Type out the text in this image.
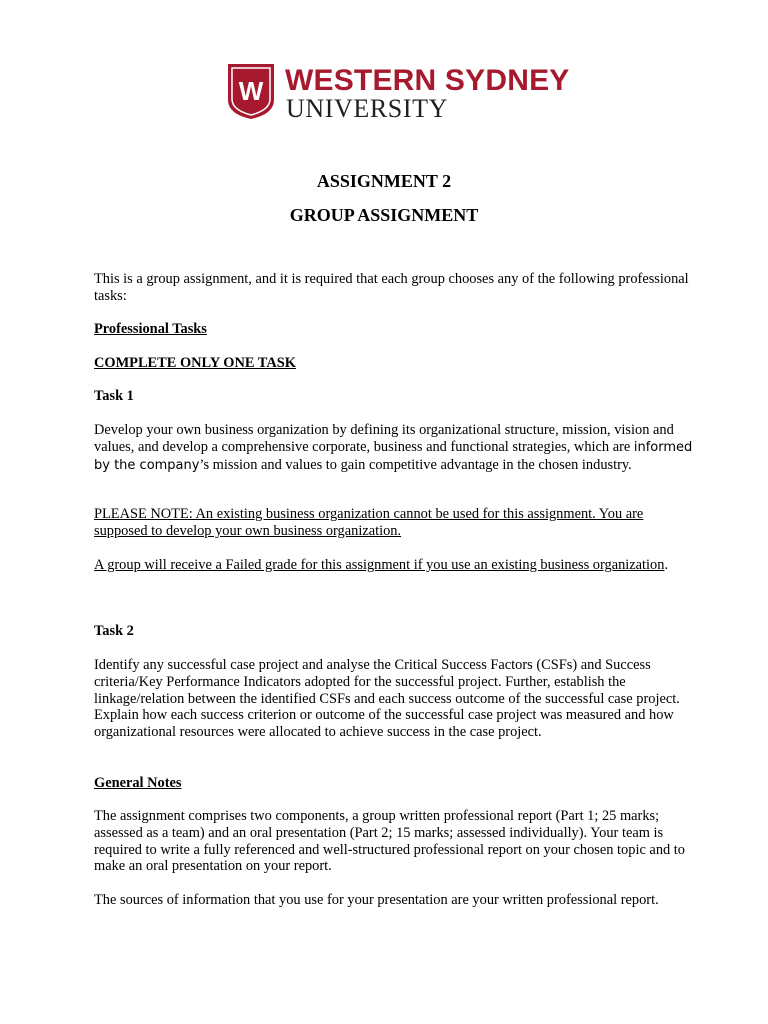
W WESTERN SYDNEY
UNIVERSITY
ASSIGNMENT 2
GROUP ASSIGNMENT

This is a group assignment, and it is required that each group chooses any of the following professional tasks:

Professional Tasks

COMPLETE ONLY ONE TASK

Task 1

Develop your own business organization by defining its organizational structure, mission, vision and values, and develop a comprehensive corporate, business and functional strategies, which are informed by the company’s mission and values to gain competitive advantage in the chosen industry.

PLEASE NOTE: An existing business organization cannot be used for this assignment. You are supposed to develop your own business organization.

A group will receive a Failed grade for this assignment if you use an existing business organization.

Task 2

Identify any successful case project and analyse the Critical Success Factors (CSFs) and Success criteria/Key Performance Indicators adopted for the successful project. Further, establish the linkage/relation between the identified CSFs and each success outcome of the successful case project. Explain how each success criterion or outcome of the successful case project was measured and how organizational resources were allocated to achieve success in the case project.

General Notes

The assignment comprises two components, a group written professional report (Part 1; 25 marks; assessed as a team) and an oral presentation (Part 2; 15 marks; assessed individually). Your team is required to write a fully referenced and well-structured professional report on your chosen topic and to make an oral presentation on your report.

The sources of information that you use for your presentation are your written professional report.
